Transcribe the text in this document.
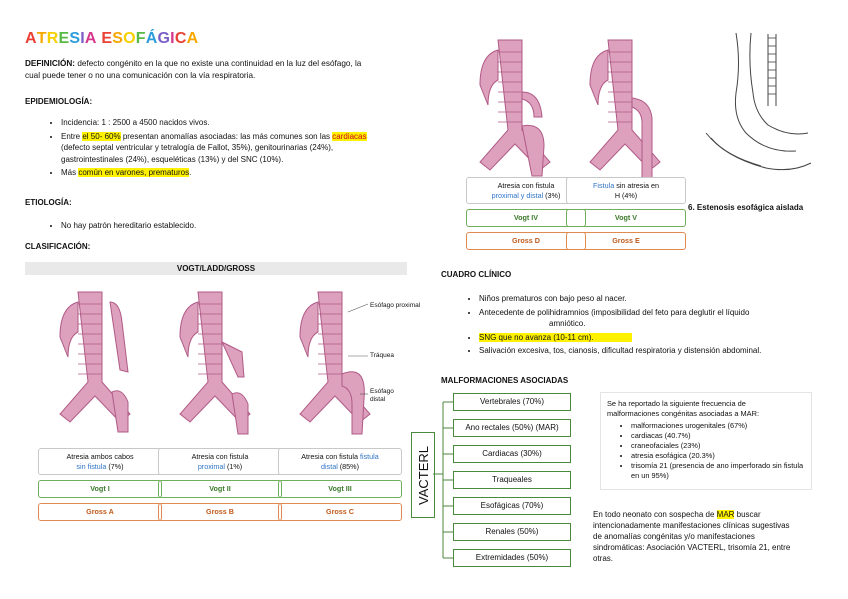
ATRESIA ESOFÁGICA
DEFINICIÓN: defecto congénito en la que no existe una continuidad en la luz del esófago, la
cual puede tener o no una comunicación con la vía respiratoria.
EPIDEMIOLOGÍA:
• Incidencia: 1 : 2500 a 4500 nacidos vivos.
• Entre el 50- 60% presentan anomalías asociadas: las más comunes son las cardiacas
(defecto septal ventricular y tetralogía de Fallot, 35%), genitourinarias (24%),
gastrointestinales (24%), esqueléticas (13%) y del SNC (10%).
• Más común en varones, prematuros.
ETIOLOGÍA:
• No hay patrón hereditario establecido.
CLASIFICACIÓN:
VOGT/LADD/GROSS
Esófago proximal
Tráquea
Esófago distal
Atresia ambos cabos
sin fistula (7%)
Vogt I
Gross A
Atresia con fistula
proximal (1%)
Vogt II
Gross B
Atresia con fistula fistula
distal (85%)
Vogt III
Gross C
Atresia con fistula
proximal y distal (3%)
Vogt IV
Gross D
Fistula sin atresia en
H (4%)
Vogt V
Gross E
6. Estenosis esofágica aislada
CUADRO CLÍNICO
• Niños prematuros con bajo peso al nacer.
• Antecedente de polihidramnios (imposibilidad del feto para deglutir el líquido
amniótico.
• SNG que no avanza (10-11 cm).
• Salivación excesiva, tos, cianosis, dificultad respiratoria y distensión abdominal.
MALFORMACIONES ASOCIADAS
VACTERL
Vertebrales (70%)
Ano rectales (50%) (MAR)
Cardiacas (30%)
Traqueales
Esofágicas (70%)
Renales (50%)
Extremidades (50%)
Se ha reportado la siguiente frecuencia de
malformaciones congénitas asociadas a MAR:
• malformaciones urogenitales (67%)
• cardiacas (40.7%)
• craneofaciales (23%)
• atresia esofágica (20.3%)
• trisomía 21 (presencia de ano imperforado sin fistula en un 95%)
En todo neonato con sospecha de MAR buscar
intencionadamente manifestaciones clínicas sugestivas
de anomalías congénitas y/o manifestaciones
sindromáticas: Asociación VACTERL, trisomía 21, entre
otras.
